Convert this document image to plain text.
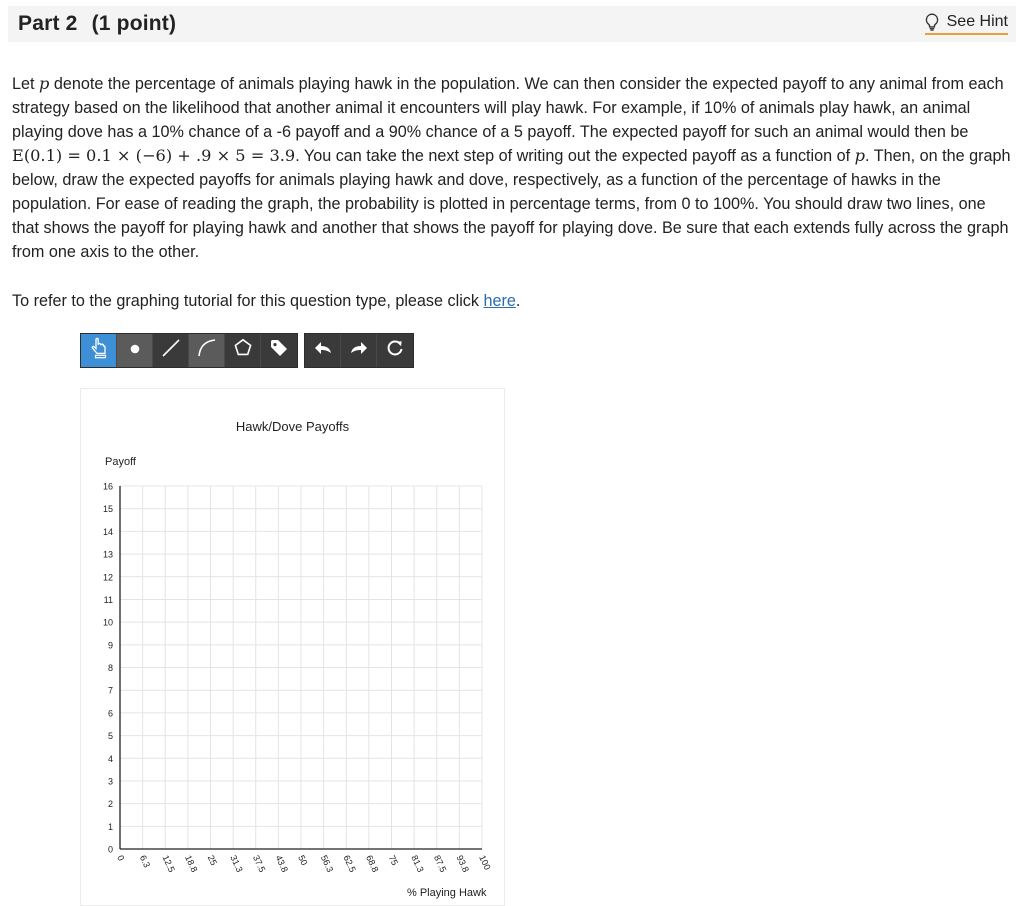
Part 2 (1 point)	See Hint
Let p denote the percentage of animals playing hawk in the population. We can then consider the expected payoff to any animal from each strategy based on the likelihood that another animal it encounters will play hawk. For example, if 10% of animals play hawk, an animal playing dove has a 10% chance of a -6 payoff and a 90% chance of a 5 payoff. The expected payoff for such an animal would then be E(0.1) = 0.1 × (−6) + .9 × 5 = 3.9. You can take the next step of writing out the expected payoff as a function of p. Then, on the graph below, draw the expected payoffs for animals playing hawk and dove, respectively, as a function of the percentage of hawks in the population. For ease of reading the graph, the probability is plotted in percentage terms, from 0 to 100%. You should draw two lines, one that shows the payoff for playing hawk and another that shows the payoff for playing dove. Be sure that each extends fully across the graph from one axis to the other.
To refer to the graphing tutorial for this question type, please click here.
Hawk/Dove Payoffs
Payoff
% Playing Hawk
0
1
2
3
4
5
6
7
8
9
10
11
12
13
14
15
16
0 6.3 12.5 18.8 25 31.3 37.5 43.8 50 56.3 62.5 68.8 75 81.3 87.5 93.8 100
